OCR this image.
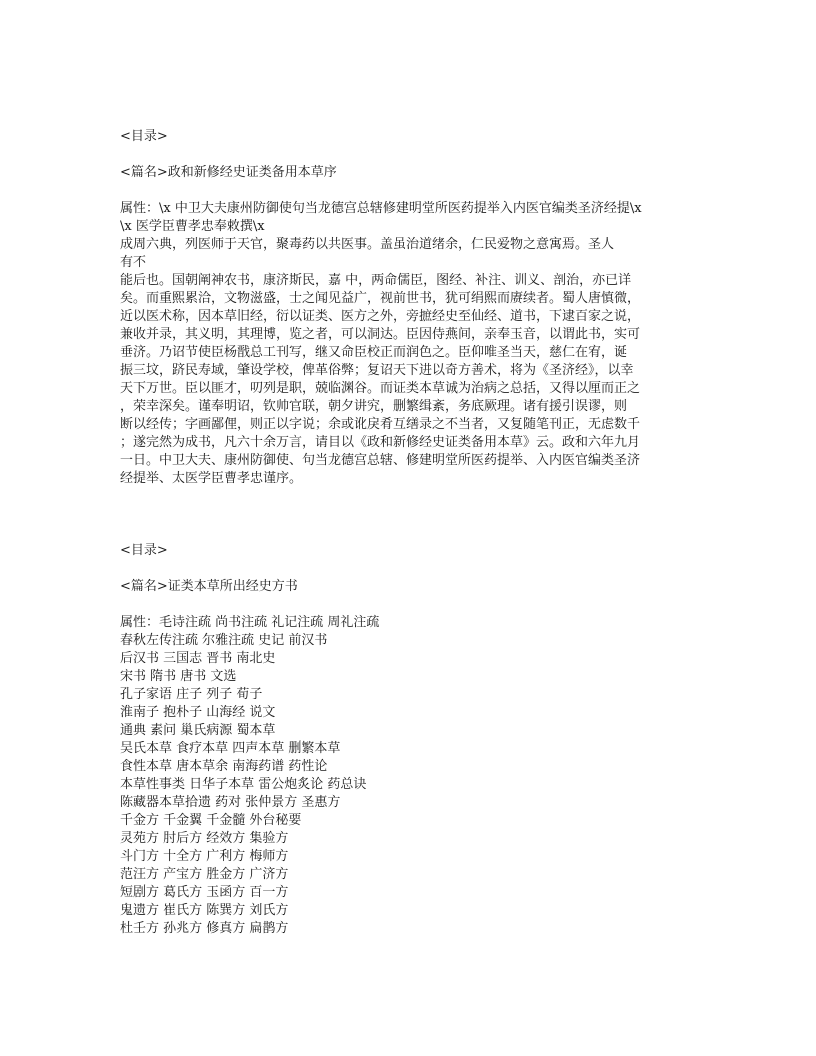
<目录>
<篇名>政和新修经史证类备用本草序
属性：\x 中卫大夫康州防御使句当龙德宫总辖修建明堂所医药提举入内医官编类圣济经提\x
\x 医学臣曹孝忠奉敕撰\x
成周六典，列医师于天官，聚毒药以共医事。盖虽治道绪余，仁民爱物之意寓焉。圣人
有不
能后也。国朝阐神农书，康济斯民，嘉 中，两命儒臣，图经、补注、训义、剖治，亦已详
矣。而重熙累洽，文物滋盛，士之闻见益广，视前世书，犹可绢熙而赓续者。蜀人唐慎微，
近以医术称，因本草旧经，衍以证类、医方之外，旁摭经史至仙经、道书，下逮百家之说，
兼收并录，其义明，其理博，览之者，可以洞达。臣因侍燕间，亲奉玉音，以谓此书，实可
垂济。乃诏节使臣杨戬总工刊写，继又命臣校正而润色之。臣仰唯圣当天，慈仁在宥，诞
振三坟，跻民寿域，肇设学校，俾革俗弊；复诏天下进以奇方善术，将为《圣济经》，以幸
天下万世。臣以匪才，叨列是职，兢临渊谷。而证类本草诚为治病之总括，又得以厘而正之
，荣幸深矣。谨奉明诏，钦帅官联，朝夕讲究，删繁缉紊，务底厥理。诸有援引误谬，则
断以经传；字画鄙俚，则正以字说；余或讹戾肴互缮录之不当者，又复随笔刊正，无虑数千
；遂完然为成书，凡六十余万言，请目以《政和新修经史证类备用本草》云。政和六年九月
一日。中卫大夫、康州防御使、句当龙德宫总辖、修建明堂所医药提举、入内医官编类圣济
经提举、太医学臣曹孝忠谨序。
<目录>
<篇名>证类本草所出经史方书
属性：毛诗注疏 尚书注疏 礼记注疏 周礼注疏
春秋左传注疏 尔雅注疏 史记 前汉书
后汉书 三国志 晋书 南北史
宋书 隋书 唐书 文选
孔子家语 庄子 列子 荀子
淮南子 抱朴子 山海经 说文
通典 素问 巢氏病源 蜀本草
吴氏本草 食疗本草 四声本草 删繁本草
食性本草 唐本草余 南海药谱 药性论
本草性事类 日华子本草 雷公炮炙论 药总诀
陈藏器本草拾遗 药对 张仲景方 圣惠方
千金方 千金翼 千金髓 外台秘要
灵苑方 肘后方 经效方 集验方
斗门方 十全方 广利方 梅师方
范汪方 产宝方 胜金方 广济方
短剧方 葛氏方 玉函方 百一方
鬼遗方 崔氏方 陈巽方 刘氏方
杜壬方 孙兆方 修真方 扁鹊方
